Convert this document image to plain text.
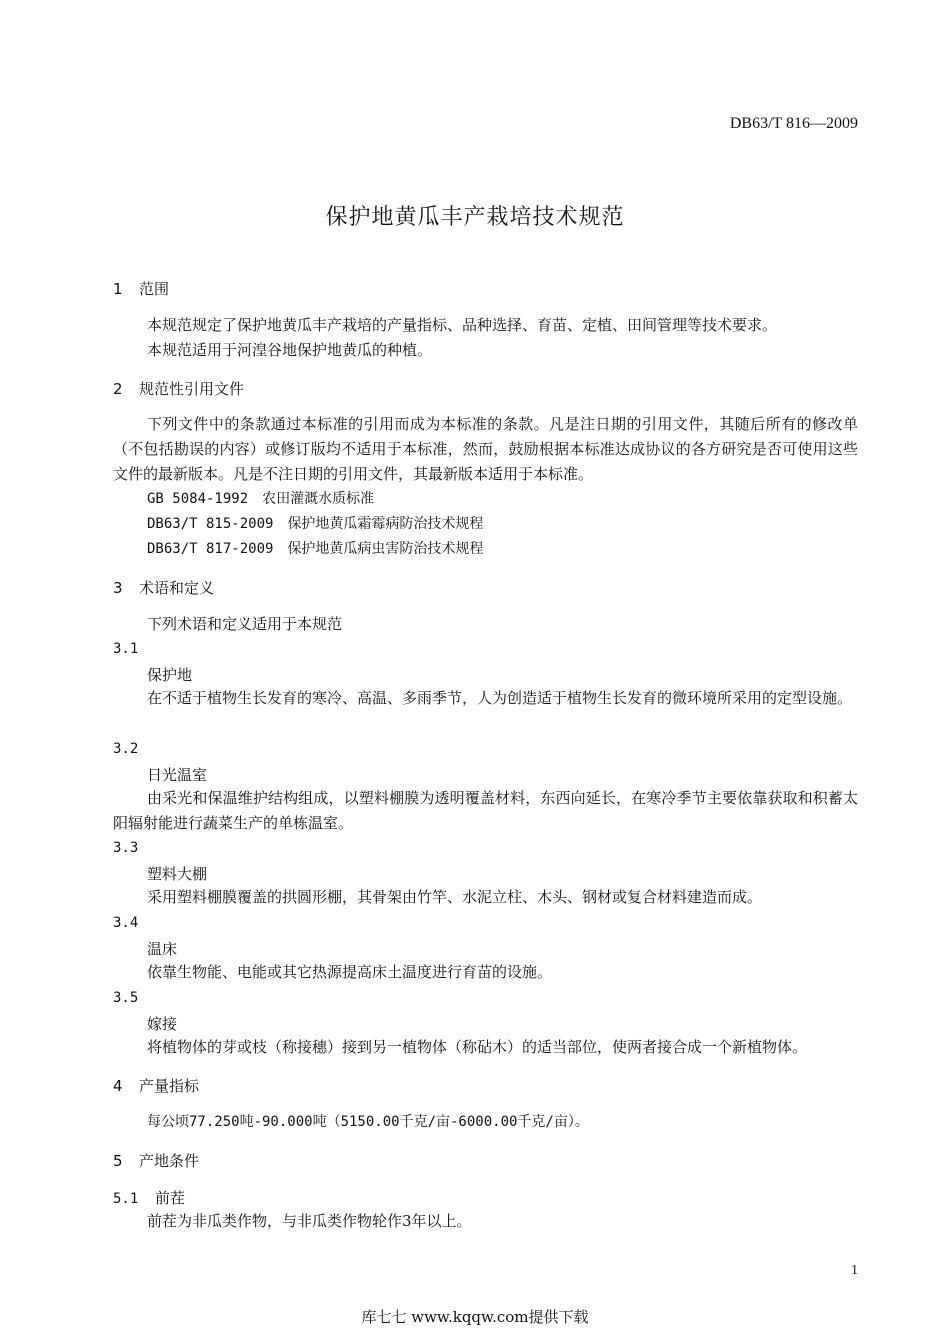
DB63/T 816—2009
保护地黄瓜丰产栽培技术规范
1 范围
本规范规定了保护地黄瓜丰产栽培的产量指标、品种选择、育苗、定植、田间管理等技术要求。
本规范适用于河湟谷地保护地黄瓜的种植。
2 规范性引用文件
下列文件中的条款通过本标准的引用而成为本标准的条款。凡是注日期的引用文件，其随后所有的修改单（不包括勘误的内容）或修订版均不适用于本标准，然而，鼓励根据本标准达成协议的各方研究是否可使用这些文件的最新版本。凡是不注日期的引用文件，其最新版本适用于本标准。
GB 5084-1992 农田灌溉水质标准
DB63/T 815-2009 保护地黄瓜霜霉病防治技术规程
DB63/T 817-2009 保护地黄瓜病虫害防治技术规程
3 术语和定义
下列术语和定义适用于本规范
3.1
保护地
在不适于植物生长发育的寒冷、高温、多雨季节，人为创造适于植物生长发育的微环境所采用的定型设施。
3.2
日光温室
由采光和保温维护结构组成，以塑料棚膜为透明覆盖材料，东西向延长，在寒冷季节主要依靠获取和积蓄太阳辐射能进行蔬菜生产的单栋温室。
3.3
塑料大棚
采用塑料棚膜覆盖的拱圆形棚，其骨架由竹竿、水泥立柱、木头、钢材或复合材料建造而成。
3.4
温床
依靠生物能、电能或其它热源提高床土温度进行育苗的设施。
3.5
嫁接
将植物体的芽或枝（称接穗）接到另一植物体（称砧木）的适当部位，使两者接合成一个新植物体。
4 产量指标
每公顷77.250吨-90.000吨（5150.00千克/亩-6000.00千克/亩）。
5 产地条件
5.1 前茬
前茬为非瓜类作物，与非瓜类作物轮作3年以上。
1
库七七 www.kqqw.com提供下载
